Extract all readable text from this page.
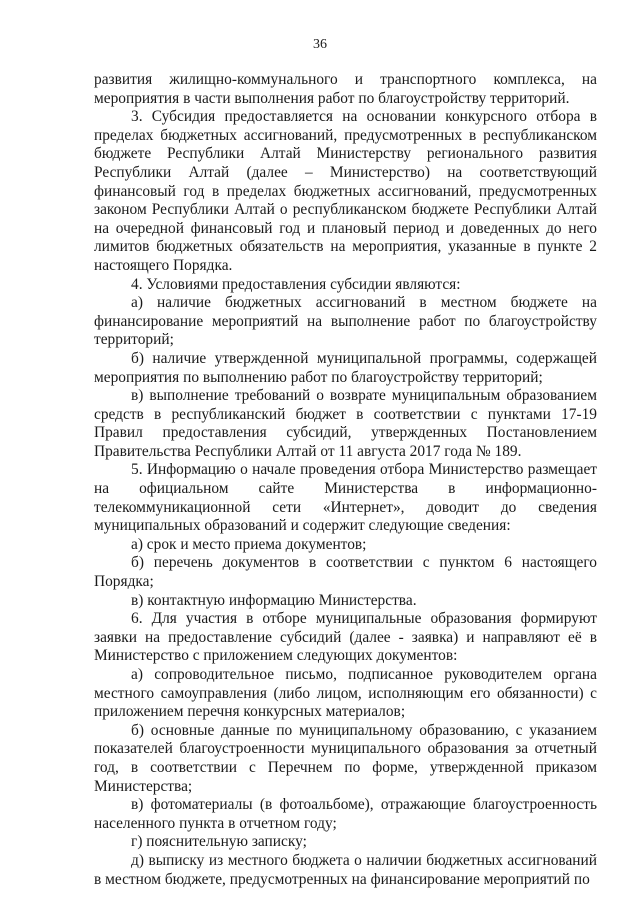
36

развития жилищно-коммунального и транспортного комплекса, на мероприятия в части выполнения работ по благоустройству территорий.

3. Субсидия предоставляется на основании конкурсного отбора в пределах бюджетных ассигнований, предусмотренных в республиканском бюджете Республики Алтай Министерству регионального развития Республики Алтай (далее – Министерство) на соответствующий финансовый год в пределах бюджетных ассигнований, предусмотренных законом Республики Алтай о республиканском бюджете Республики Алтай на очередной финансовый год и плановый период и доведенных до него лимитов бюджетных обязательств на мероприятия, указанные в пункте 2 настоящего Порядка.

4. Условиями предоставления субсидии являются:

а) наличие бюджетных ассигнований в местном бюджете на финансирование мероприятий на выполнение работ по благоустройству территорий;

б) наличие утвержденной муниципальной программы, содержащей мероприятия по выполнению работ по благоустройству территорий;

в) выполнение требований о возврате муниципальным образованием средств в республиканский бюджет в соответствии с пунктами 17-19 Правил предоставления субсидий, утвержденных Постановлением Правительства Республики Алтай от 11 августа 2017 года № 189.

5. Информацию о начале проведения отбора Министерство размещает на официальном сайте Министерства в информационно-телекоммуникационной сети «Интернет», доводит до сведения муниципальных образований и содержит следующие сведения:

а) срок и место приема документов;

б) перечень документов в соответствии с пунктом 6 настоящего Порядка;

в) контактную информацию Министерства.

6. Для участия в отборе муниципальные образования формируют заявки на предоставление субсидий (далее - заявка) и направляют её в Министерство с приложением следующих документов:

а) сопроводительное письмо, подписанное руководителем органа местного самоуправления (либо лицом, исполняющим его обязанности) с приложением перечня конкурсных материалов;

б) основные данные по муниципальному образованию, с указанием показателей благоустроенности муниципального образования за отчетный год, в соответствии с Перечнем по форме, утвержденной приказом Министерства;

в) фотоматериалы (в фотоальбоме), отражающие благоустроенность населенного пункта в отчетном году;

г) пояснительную записку;

д) выписку из местного бюджета о наличии бюджетных ассигнований в местном бюджете, предусмотренных на финансирование мероприятий по
